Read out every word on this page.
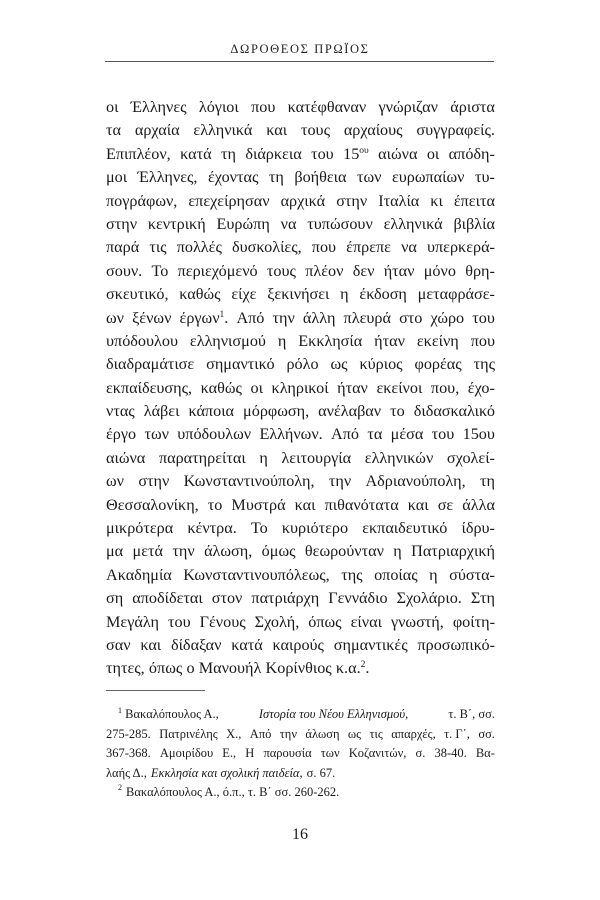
ΔΩΡΟΘΕΟΣ ΠΡΩΪΟΣ
οι Έλληνες λόγιοι που κατέφθαναν γνώριζαν άριστα
τα αρχαία ελληνικά και τους αρχαίους συγγραφείς.
Επιπλέον, κατά τη διάρκεια του $15^{o\upsilon}$ αιώνα οι απόδη-
μοι Έλληνες, έχοντας τη βοήθεια των ευρωπαίων τυ-
πογράφων, επεχείρησαν αρχικά στην Ιταλία κι έπειτα
στην κεντρική Ευρώπη να τυπώσουν ελληνικά βιβλία
παρά τις πολλές δυσκολίες, που έπρεπε να υπερκερά-
σουν. Το περιεχόμενό τους πλέον δεν ήταν μόνο θρη-
σκευτικό, καθώς είχε ξεκινήσει η έκδοση μεταφράσε-
ων ξένων έργων$^1$. Από την άλλη πλευρά στο χώρο του
υπόδουλου ελληνισμού η Εκκλησία ήταν εκείνη που
διαδραμάτισε σημαντικό ρόλο ως κύριος φορέας της
εκπαίδευσης, καθώς οι κληρικοί ήταν εκείνοι που, έχο-
ντας λάβει κάποια μόρφωση, ανέλαβαν το διδασκαλικό
έργο των υπόδουλων Ελλήνων. Από τα μέσα του 15ου
αιώνα παρατηρείται η λειτουργία ελληνικών σχολεί-
ων στην Κωνσταντινούπολη, την Αδριανούπολη, τη
Θεσσαλονίκη, το Μυστρά και πιθανότατα και σε άλλα
μικρότερα κέντρα. Το κυριότερο εκπαιδευτικό ίδρυ-
μα μετά την άλωση, όμως θεωρούνταν η Πατριαρχική
Ακαδημία Κωνσταντινουπόλεως, της οποίας η σύστα-
ση αποδίδεται στον πατριάρχη Γεννάδιο Σχολάριο. Στη
Μεγάλη του Γένους Σχολή, όπως είναι γνωστή, φοίτη-
σαν και δίδαξαν κατά καιρούς σημαντικές προσωπικό-
τητες, όπως ο Μανουήλ Κορίνθιος κ.α.$^2$.
$^1$ Βακαλόπουλος Α.,	Ιστορία του Νέου Ελληνισμού,	τ. Β΄, σσ.
275-285. Πατρινέλης Χ., Από την άλωση ως τις απαρχές, τ. Γ΄, σσ.
367-368. Αμοιρίδου Ε., Η παρουσία των Κοζανιτών, σ. 38-40. Βα-
λαής Δ., Εκκλησία και σχολική παιδεία, σ. 67.
2 Βακαλόπουλος Α., ό.π., τ. Β΄ σσ. 260-262.
16
